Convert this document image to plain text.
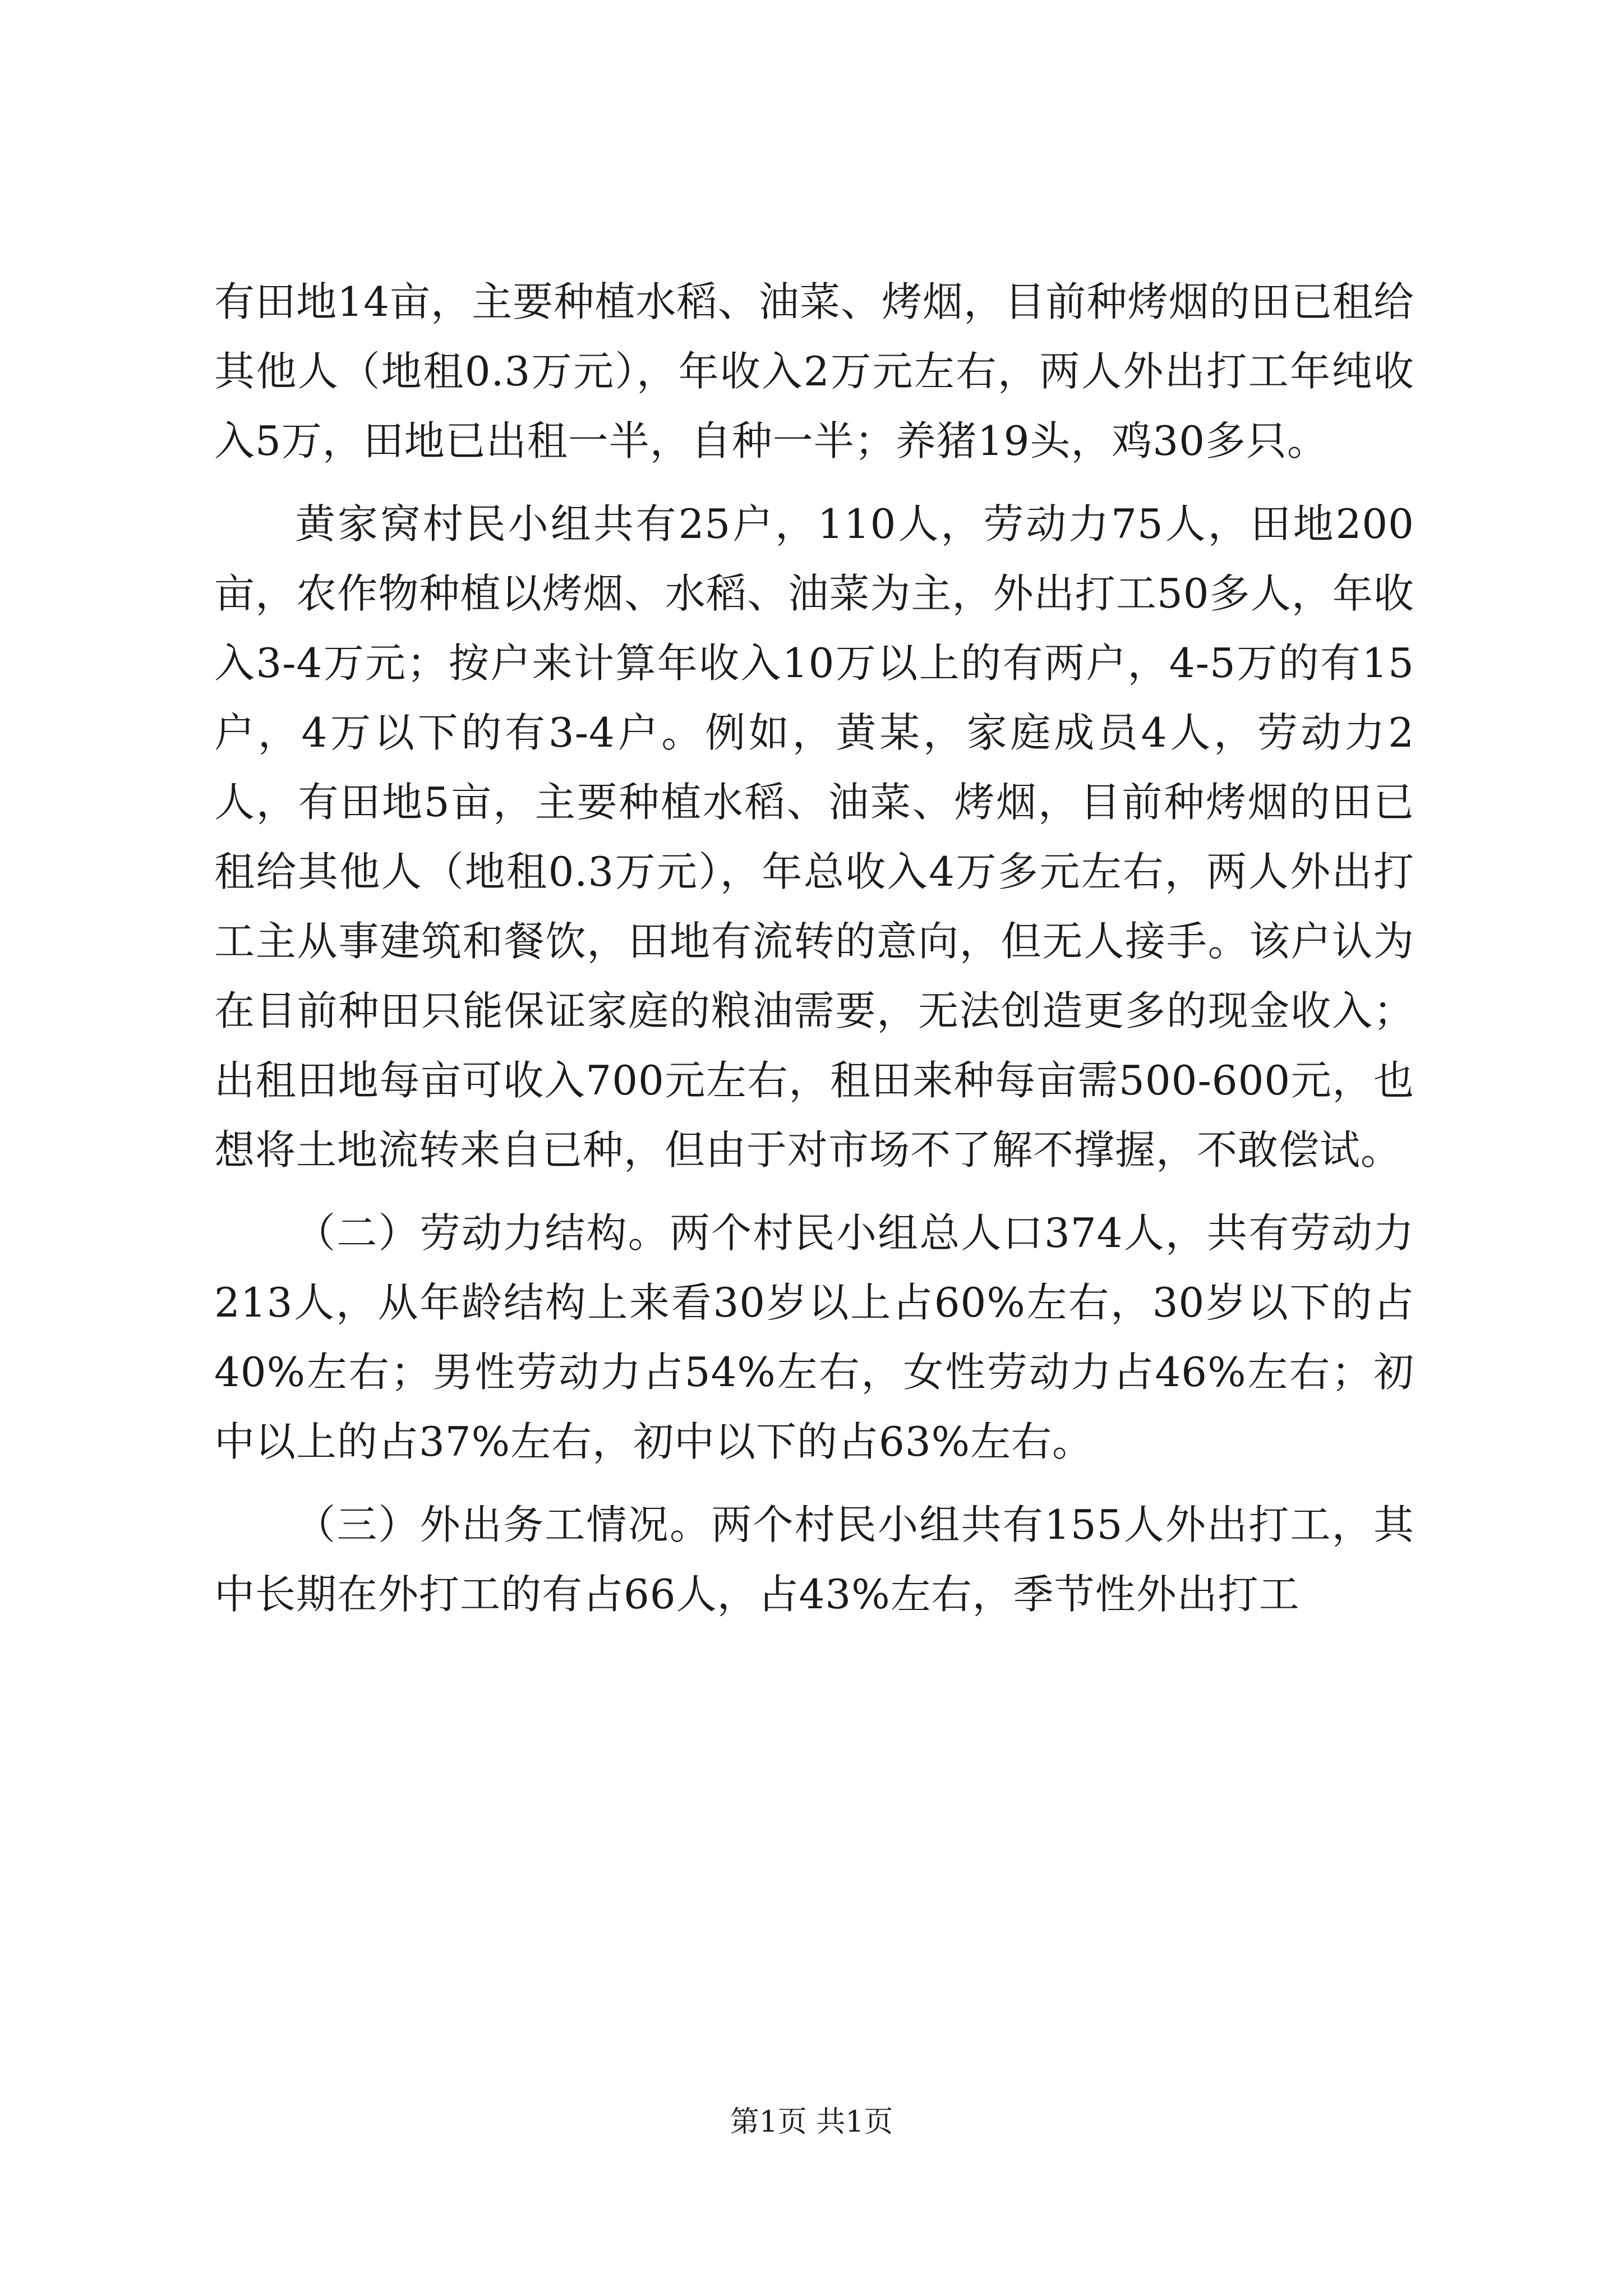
有田地14亩，主要种植水稻、油菜、烤烟，目前种烤烟的田已租给其他人（地租0.3万元），年收入2万元左右，两人外出打工年纯收入5万，田地已出租一半，自种一半；养猪19头，鸡30多只。

黄家窝村民小组共有25户，110人，劳动力75人，田地200亩，农作物种植以烤烟、水稻、油菜为主，外出打工50多人，年收入3-4万元；按户来计算年收入10万以上的有两户，4-5万的有15户，4万以下的有3-4户。例如，黄某，家庭成员4人，劳动力2人，有田地5亩，主要种植水稻、油菜、烤烟，目前种烤烟的田已租给其他人（地租0.3万元），年总收入4万多元左右，两人外出打工主从事建筑和餐饮，田地有流转的意向，但无人接手。该户认为在目前种田只能保证家庭的粮油需要，无法创造更多的现金收入；出租田地每亩可收入700元左右，租田来种每亩需500-600元，也想将土地流转来自已种，但由于对市场不了解不撑握，不敢偿试。

（二）劳动力结构。两个村民小组总人口374人，共有劳动力213人，从年龄结构上来看30岁以上占60%左右，30岁以下的占40%左右；男性劳动力占54%左右，女性劳动力占46%左右；初中以上的占37%左右，初中以下的占63%左右。

（三）外出务工情况。两个村民小组共有155人外出打工，其中长期在外打工的有占66人，占43%左右，季节性外出打工

第1页 共1页
